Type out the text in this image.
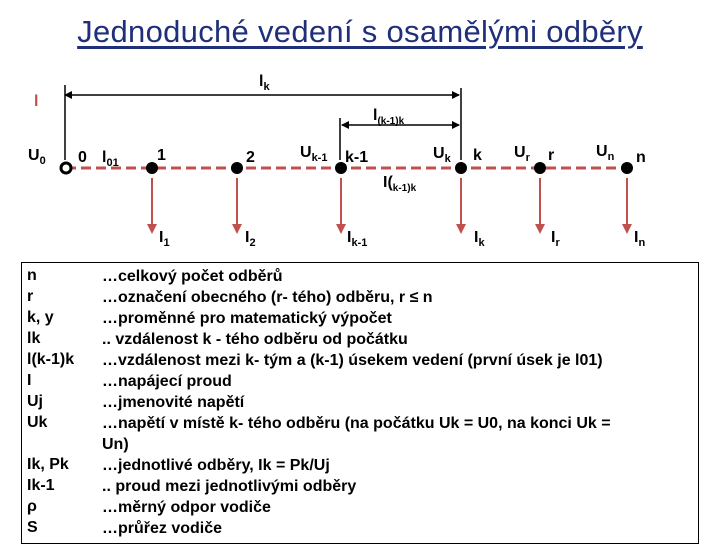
Jednoduché vedení s osamělými odběry
l
$l_k$
$l_{(k-1)k}$
$I(_{k-1)k}$
$U_0$ 0 $l_{01}$ 1	2	$U_{k-1}$ k-1	$U_k$ k $U_r$ r	$U_n$ n
$I_1$	$I_2$	$I_{k-1}$	$I_k$	$I_r$	$I_n$
n	…celkový počet odběrů
r	…označení obecného (r- tého) odběru, r ≤ n
k, y	…proměnné pro matematický výpočet
lk	.. vzdálenost k - tého odběru od počátku
l(k-1)k	…vzdálenost mezi k- tým a (k-1) úsekem vedení (první úsek je l01)
I	…napájecí proud
Uj	…jmenovité napětí
Uk	…napětí v místě k- tého odběru (na počátku Uk = U0, na konci Uk =
Un)
Ik, Pk	…jednotlivé odběry, Ik = Pk/Uj
Ik-1	.. proud mezi jednotlivými odběry
ρ	…měrný odpor vodiče
S	…průřez vodiče
